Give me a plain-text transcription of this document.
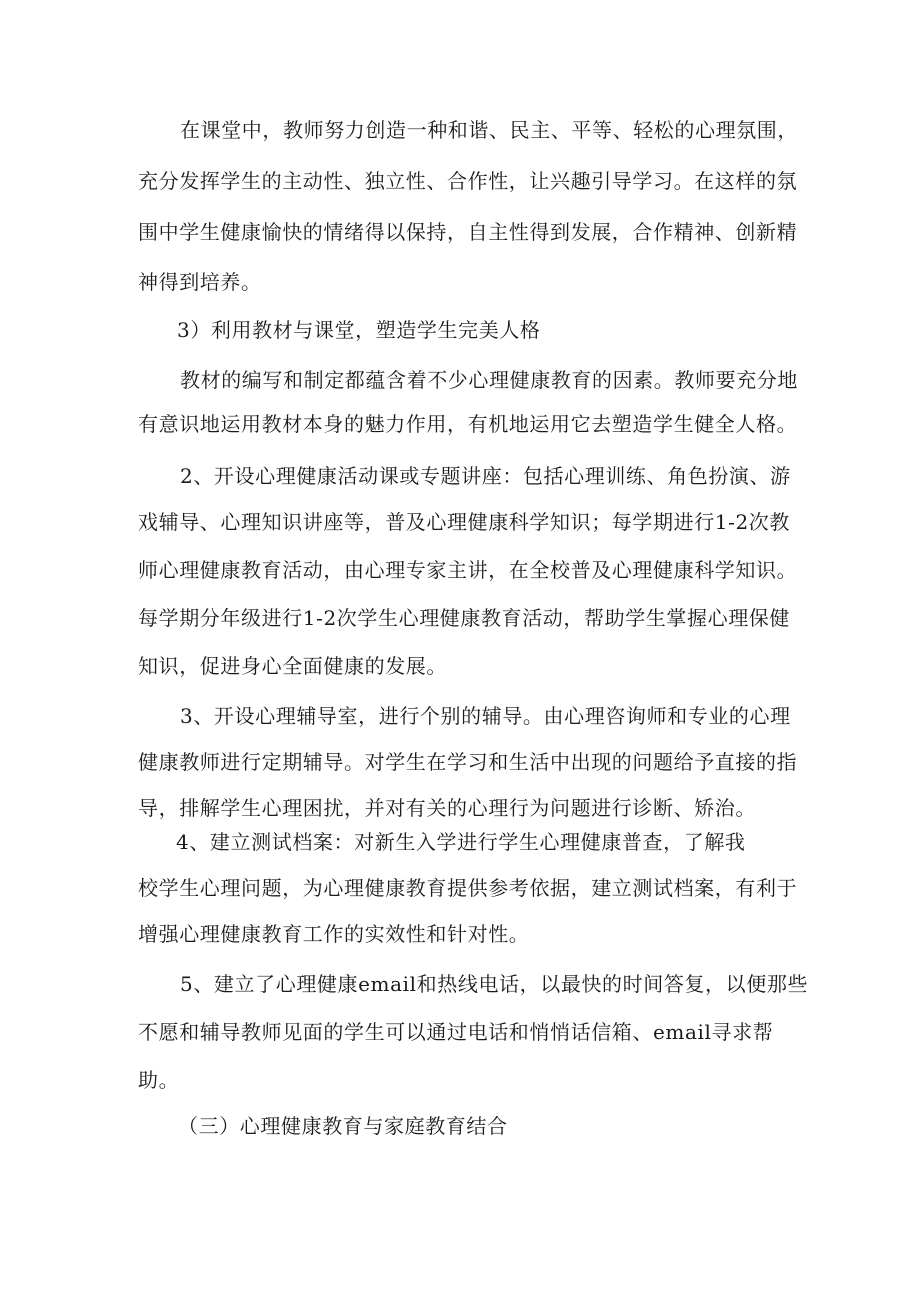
在课堂中，教师努力创造一种和谐、民主、平等、轻松的心理氛围，

充分发挥学生的主动性、独立性、合作性，让兴趣引导学习。在这样的氛

围中学生健康愉快的情绪得以保持，自主性得到发展，合作精神、创新精

神得到培养。

3）利用教材与课堂，塑造学生完美人格

教材的编写和制定都蕴含着不少心理健康教育的因素。教师要充分地

有意识地运用教材本身的魅力作用，有机地运用它去塑造学生健全人格。

2、开设心理健康活动课或专题讲座：包括心理训练、角色扮演、游

戏辅导、心理知识讲座等，普及心理健康科学知识；每学期进行1-2次教

师心理健康教育活动，由心理专家主讲，在全校普及心理健康科学知识。

每学期分年级进行1-2次学生心理健康教育活动，帮助学生掌握心理保健

知识，促进身心全面健康的发展。

3、开设心理辅导室，进行个别的辅导。由心理咨询师和专业的心理

健康教师进行定期辅导。对学生在学习和生活中出现的问题给予直接的指

导，排解学生心理困扰，并对有关的心理行为问题进行诊断、矫治。

4、建立测试档案：对新生入学进行学生心理健康普查，了解我

校学生心理问题，为心理健康教育提供参考依据，建立测试档案，有利于

增强心理健康教育工作的实效性和针对性。

5、建立了心理健康email和热线电话，以最快的时间答复，以便那些

不愿和辅导教师见面的学生可以通过电话和悄悄话信箱、email寻求帮

助。

（三）心理健康教育与家庭教育结合
